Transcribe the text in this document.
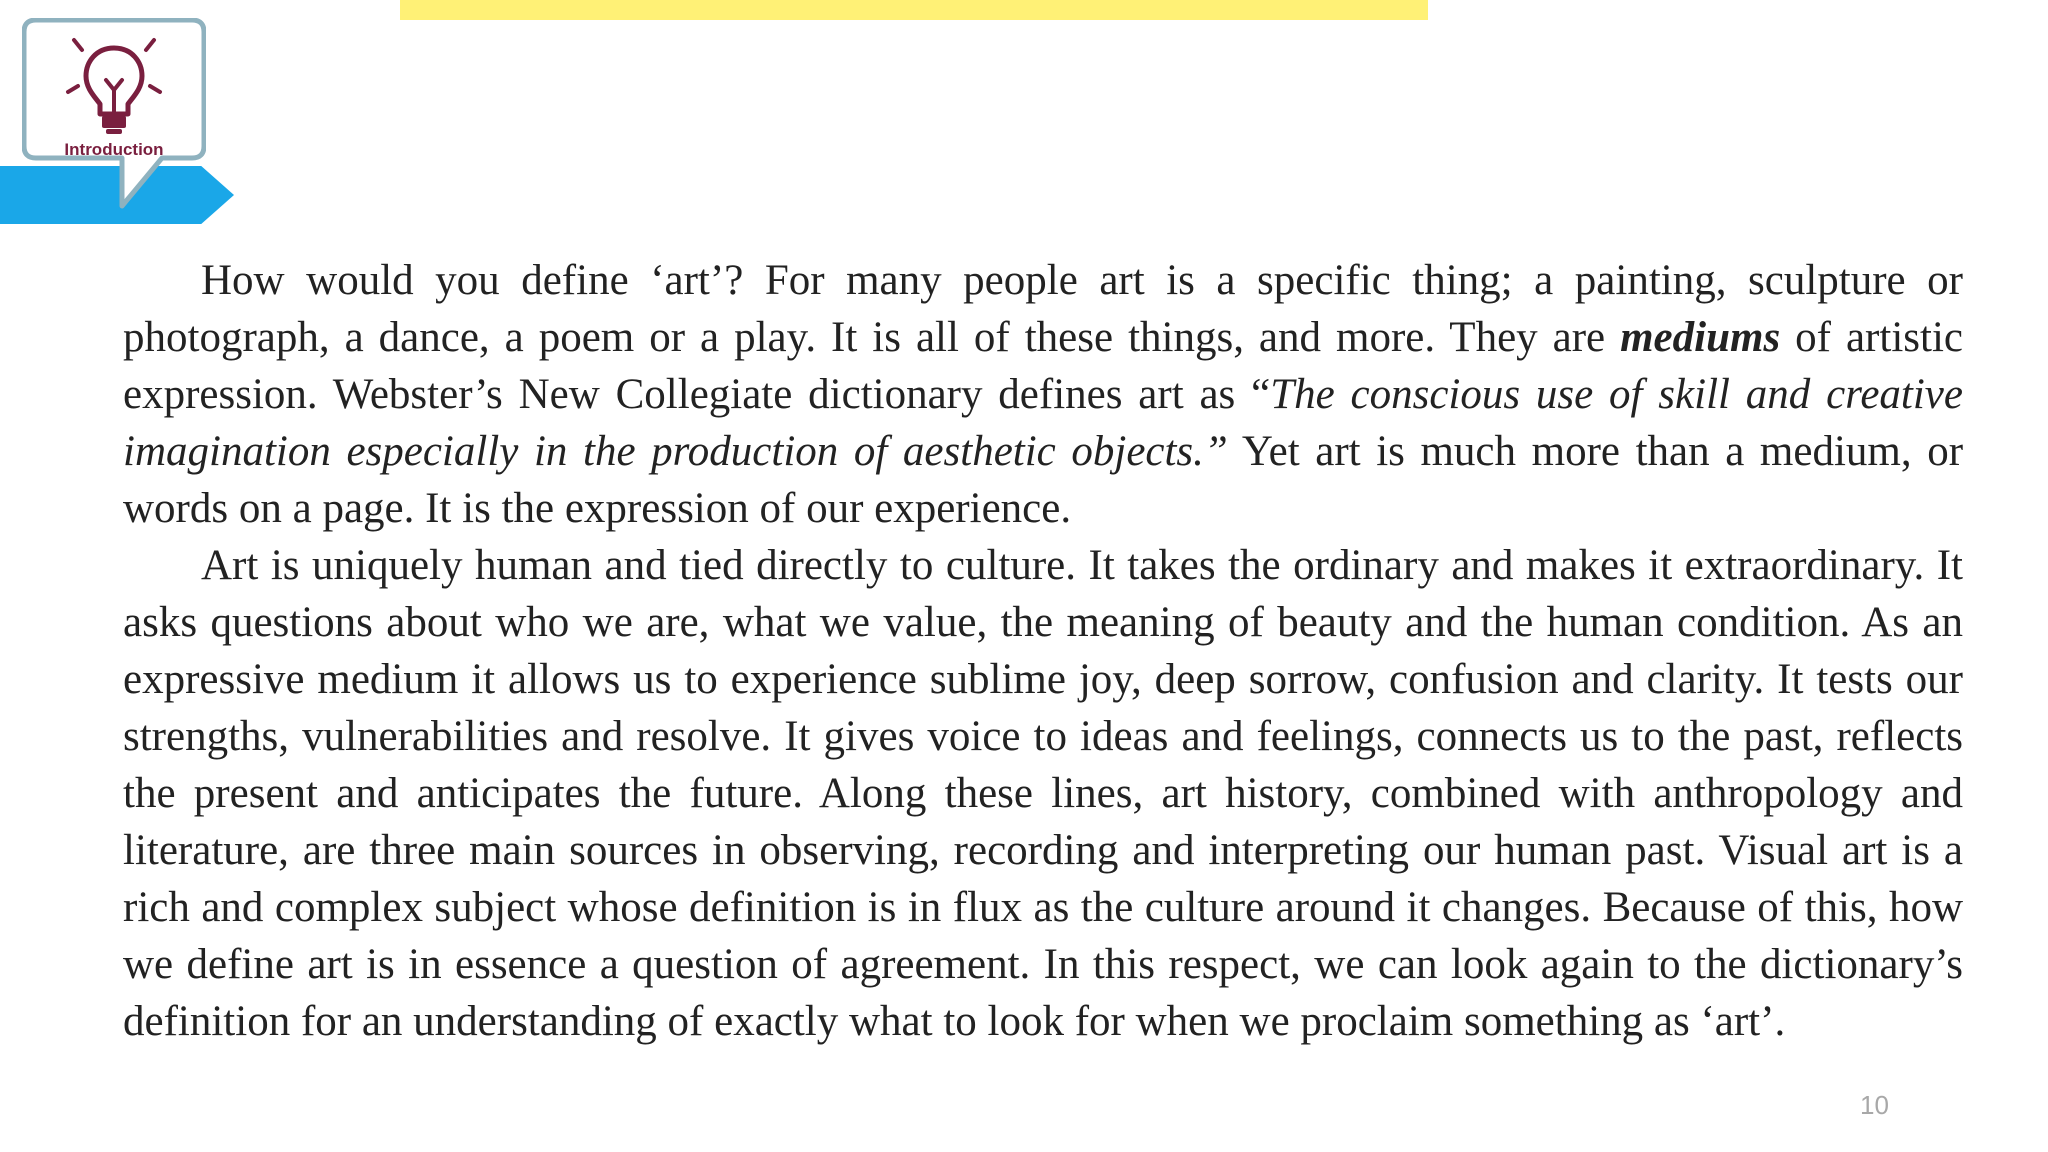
Introduction

How would you define ‘art’? For many people art is a specific thing; a painting, sculpture or photograph, a dance, a poem or a play. It is all of these things, and more. They are mediums of artistic expression. Webster’s New Collegiate dictionary defines art as “The conscious use of skill and creative imagination especially in the production of aesthetic objects.” Yet art is much more than a medium, or words on a page. It is the expression of our experience.

Art is uniquely human and tied directly to culture. It takes the ordinary and makes it extraordinary. It asks questions about who we are, what we value, the meaning of beauty and the human condition. As an expressive medium it allows us to experience sublime joy, deep sorrow, confusion and clarity. It tests our strengths, vulnerabilities and resolve. It gives voice to ideas and feelings, connects us to the past, reflects the present and anticipates the future. Along these lines, art history, combined with anthropology and literature, are three main sources in observing, recording and interpreting our human past. Visual art is a rich and complex subject whose definition is in flux as the culture around it changes. Because of this, how we define art is in essence a question of agreement. In this respect, we can look again to the dictionary’s definition for an understanding of exactly what to look for when we proclaim something as ‘art’.

10
